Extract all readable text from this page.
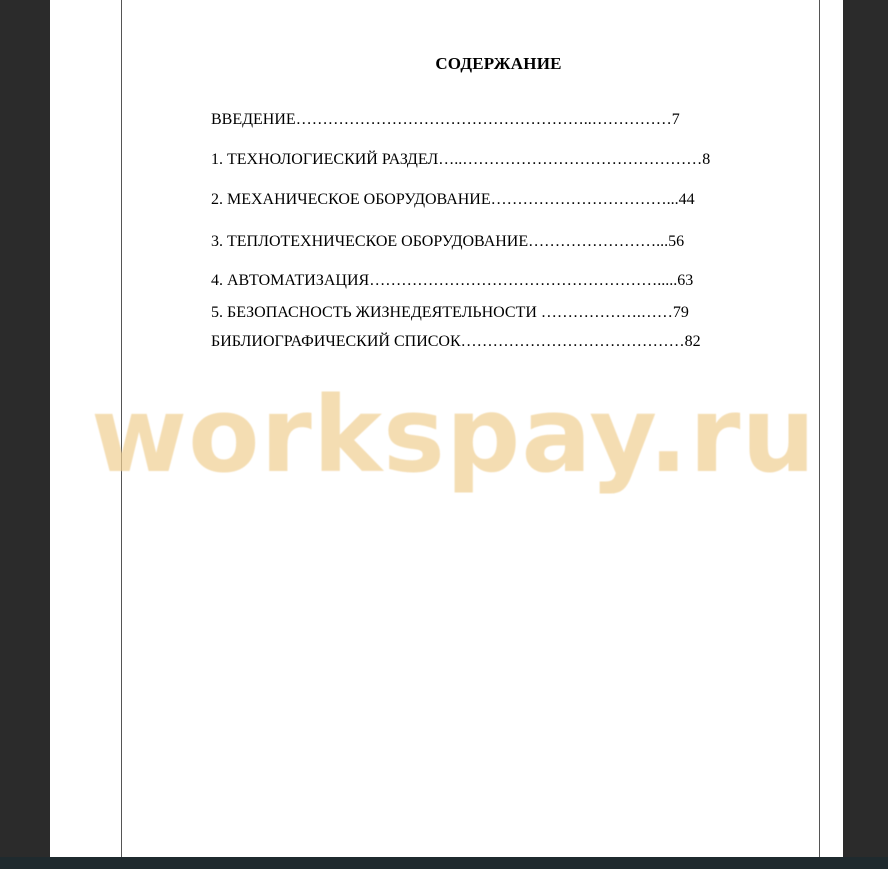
СОДЕРЖАНИЕ
ВВЕДЕНИЕ………………………………………………..……………7
1. ТЕХНОЛОГИЕСКИЙ РАЗДЕЛ…..………………………………………8
2. МЕХАНИЧЕСКОЕ ОБОРУДОВАНИЕ……………………………...44
3. ТЕПЛОТЕХНИЧЕСКОЕ ОБОРУДОВАНИЕ……………………...56
4. АВТОМАТИЗАЦИЯ……………………………………………….....63
5. БЕЗОПАСНОСТЬ ЖИЗНЕДЕЯТЕЛЬНОСТИ ……………….……79
БИБЛИОГРАФИЧЕСКИЙ СПИСОК……………………………………82
workspay.ru
